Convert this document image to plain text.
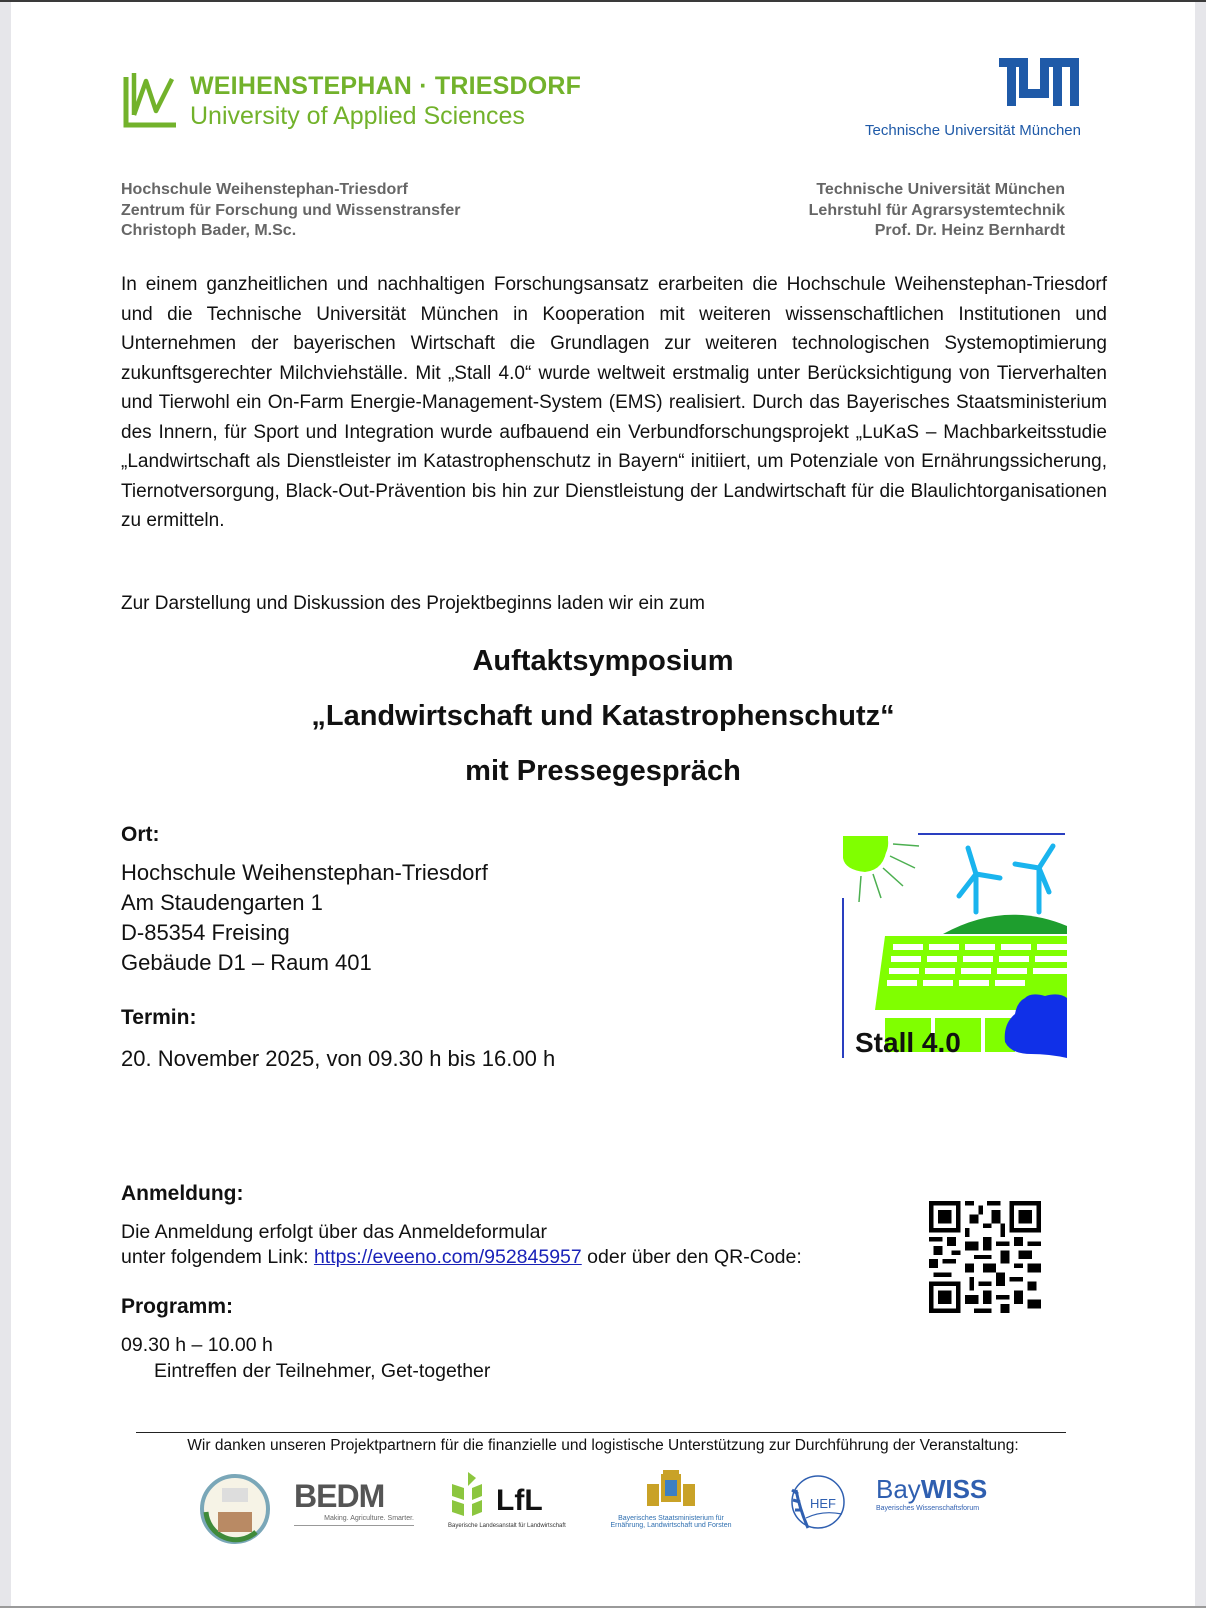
WEIHENSTEPHAN · TRIESDORF
University of Applied Sciences
Technische Universität München
Hochschule Weihenstephan-Triesdorf
Zentrum für Forschung und Wissenstransfer
Christoph Bader, M.Sc.
Technische Universität München
Lehrstuhl für Agrarsystemtechnik
Prof. Dr. Heinz Bernhardt
In einem ganzheitlichen und nachhaltigen Forschungsansatz erarbeiten die Hochschule Weihenstephan-Triesdorf und die Technische Universität München in Kooperation mit weiteren wissenschaftlichen Institutionen und Unternehmen der bayerischen Wirtschaft die Grundlagen zur weiteren technologischen Systemoptimierung zukunftsgerechter Milchviehställe. Mit „Stall 4.0“ wurde weltweit erstmalig unter Berücksichtigung von Tierverhalten und Tierwohl ein On-Farm Energie-Management-System (EMS) realisiert. Durch das Bayerisches Staatsministerium des Innern, für Sport und Integration wurde aufbauend ein Verbundforschungsprojekt „LuKaS – Machbarkeitsstudie „Landwirtschaft als Dienstleister im Katastrophenschutz in Bayern“ initiiert, um Potenziale von Ernährungssicherung, Tiernotversorgung, Black-Out-Prävention bis hin zur Dienstleistung der Landwirtschaft für die Blaulichtorganisationen zu ermitteln.
Zur Darstellung und Diskussion des Projektbeginns laden wir ein zum
Auftaktsymposium
„Landwirtschaft und Katastrophenschutz“
mit Pressegespräch
Ort:
Hochschule Weihenstephan-Triesdorf
Am Staudengarten 1
D-85354 Freising
Gebäude D1 – Raum 401
Termin:
20. November 2025, von 09.30 h bis 16.00 h
Stall 4.0
Anmeldung:
Die Anmeldung erfolgt über das Anmeldeformular
unter folgendem Link: https://eveeno.com/952845957 oder über den QR-Code:
Programm:
09.30 h – 10.00 h
Eintreffen der Teilnehmer, Get-together
Wir danken unseren Projektpartnern für die finanzielle und logistische Unterstützung zur Durchführung der Veranstaltung:
BEDM
Making. Agriculture. Smarter.
LfL
Bayerische Landesanstalt für Landwirtschaft
Bayerisches Staatsministerium für
Ernährung, Landwirtschaft und Forsten
HEF BayWISS
Bayerisches Wissenschaftsforum
